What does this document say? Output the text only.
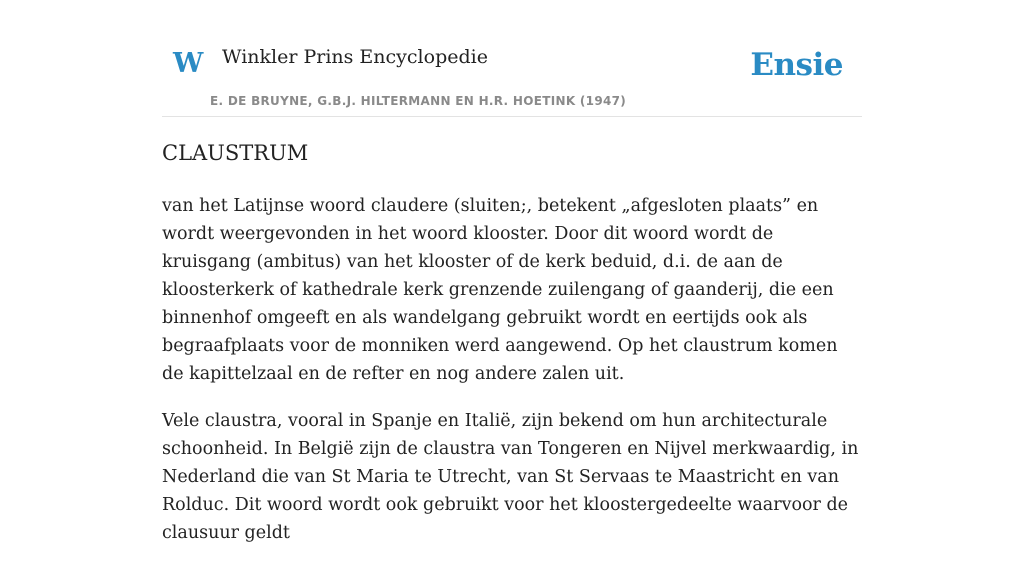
W Winkler Prins Encyclopedie
E. DE BRUYNE, G.B.J. HILTERMANN EN H.R. HOETINK (1947)
Ensie
CLAUSTRUM

van het Latijnse woord claudere (sluiten;, betekent „afgesloten plaats” en wordt weergevonden in het woord klooster. Door dit woord wordt de kruisgang (ambitus) van het klooster of de kerk beduid, d.i. de aan de kloosterkerk of kathedrale kerk grenzende zuilengang of gaanderij, die een binnenhof omgeeft en als wandelgang gebruikt wordt en eertijds ook als begraafplaats voor de monniken werd aangewend. Op het claustrum komen de kapittelzaal en de refter en nog andere zalen uit.

Vele claustra, vooral in Spanje en Italië, zijn bekend om hun architecturale schoonheid. In België zijn de claustra van Tongeren en Nijvel merkwaardig, in Nederland die van St Maria te Utrecht, van St Servaas te Maastricht en van Rolduc. Dit woord wordt ook gebruikt voor het kloostergedeelte waarvoor de clausuur geldt
